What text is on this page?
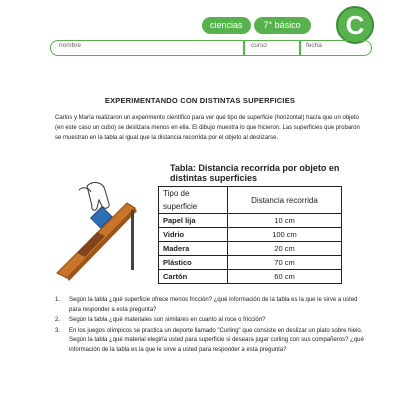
ciencias	7° básico	C
nombre	curso	fecha
EXPERIMENTANDO CON DISTINTAS SUPERFICIES
Carlos y María realizaron un experimento científico para ver qué tipo de superficie (horizontal) hacía que un objeto (en este caso un cubo) se deslizara menos en ella. El dibujo muestra lo que hicieron. Las superficies que probaron se muestran en la tabla al igual que la distancia recorrida por el objeto al deslizarse.
Tabla: Distancia recorrida por objeto en distintas superficies
Tipo de superficie	Distancia recorrida
Papel lija	10 cm
Vidrio	100 cm
Madera	20 cm
Plástico	70 cm
Cartón	60 cm
1.	Según la tabla ¿qué superficie ofrece menos fricción? ¿qué información de la tabla es la que le sirve a usted para responder a esta pregunta?
2.	Según la tabla ¿qué materiales son similares en cuanto al roce o fricción?
3.	En los juegos olímpicos se practica un deporte llamado "Curling" que consiste en deslizar un plato sobre hielo. Según la tabla ¿qué material elegiría usted para superficie si deseara jugar curling con sus compañeros? ¿qué información de la tabla es la que le sirve a usted para responder a esta pregunta?
